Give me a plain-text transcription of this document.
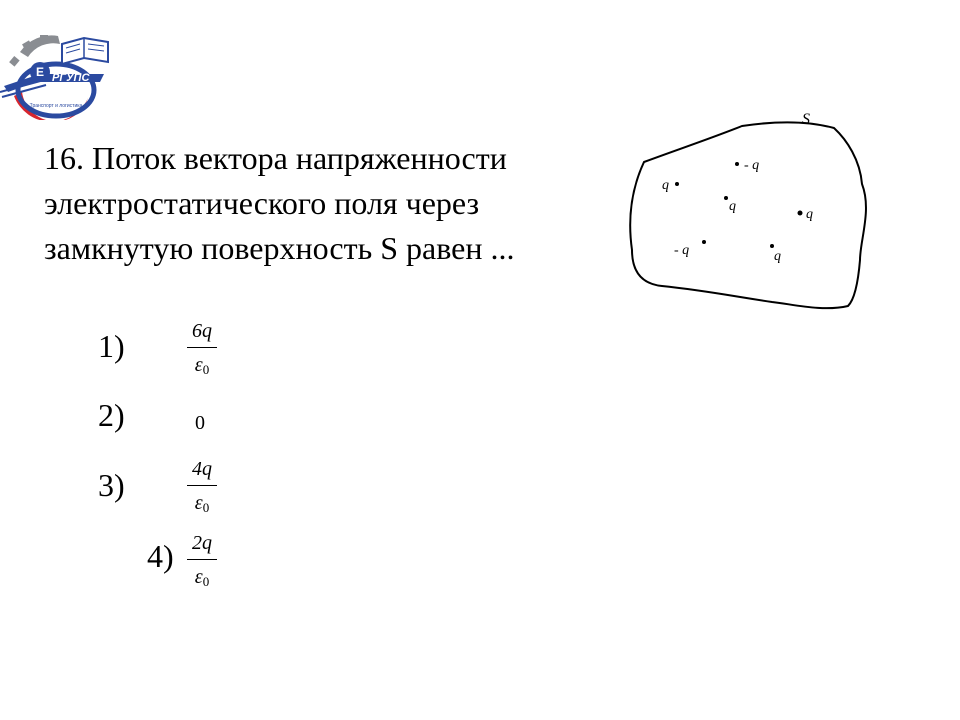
Е РГУПС
Транспорт и логистика

16. Поток вектора напряженности
электростатического поля через
замкнутую поверхность S равен ...

S
- q
q
q
q
- q	q
1)	6q
$\varepsilon_0$
2)	0
3)	4q
$\varepsilon_0$
4) 2q
$\varepsilon_0$
